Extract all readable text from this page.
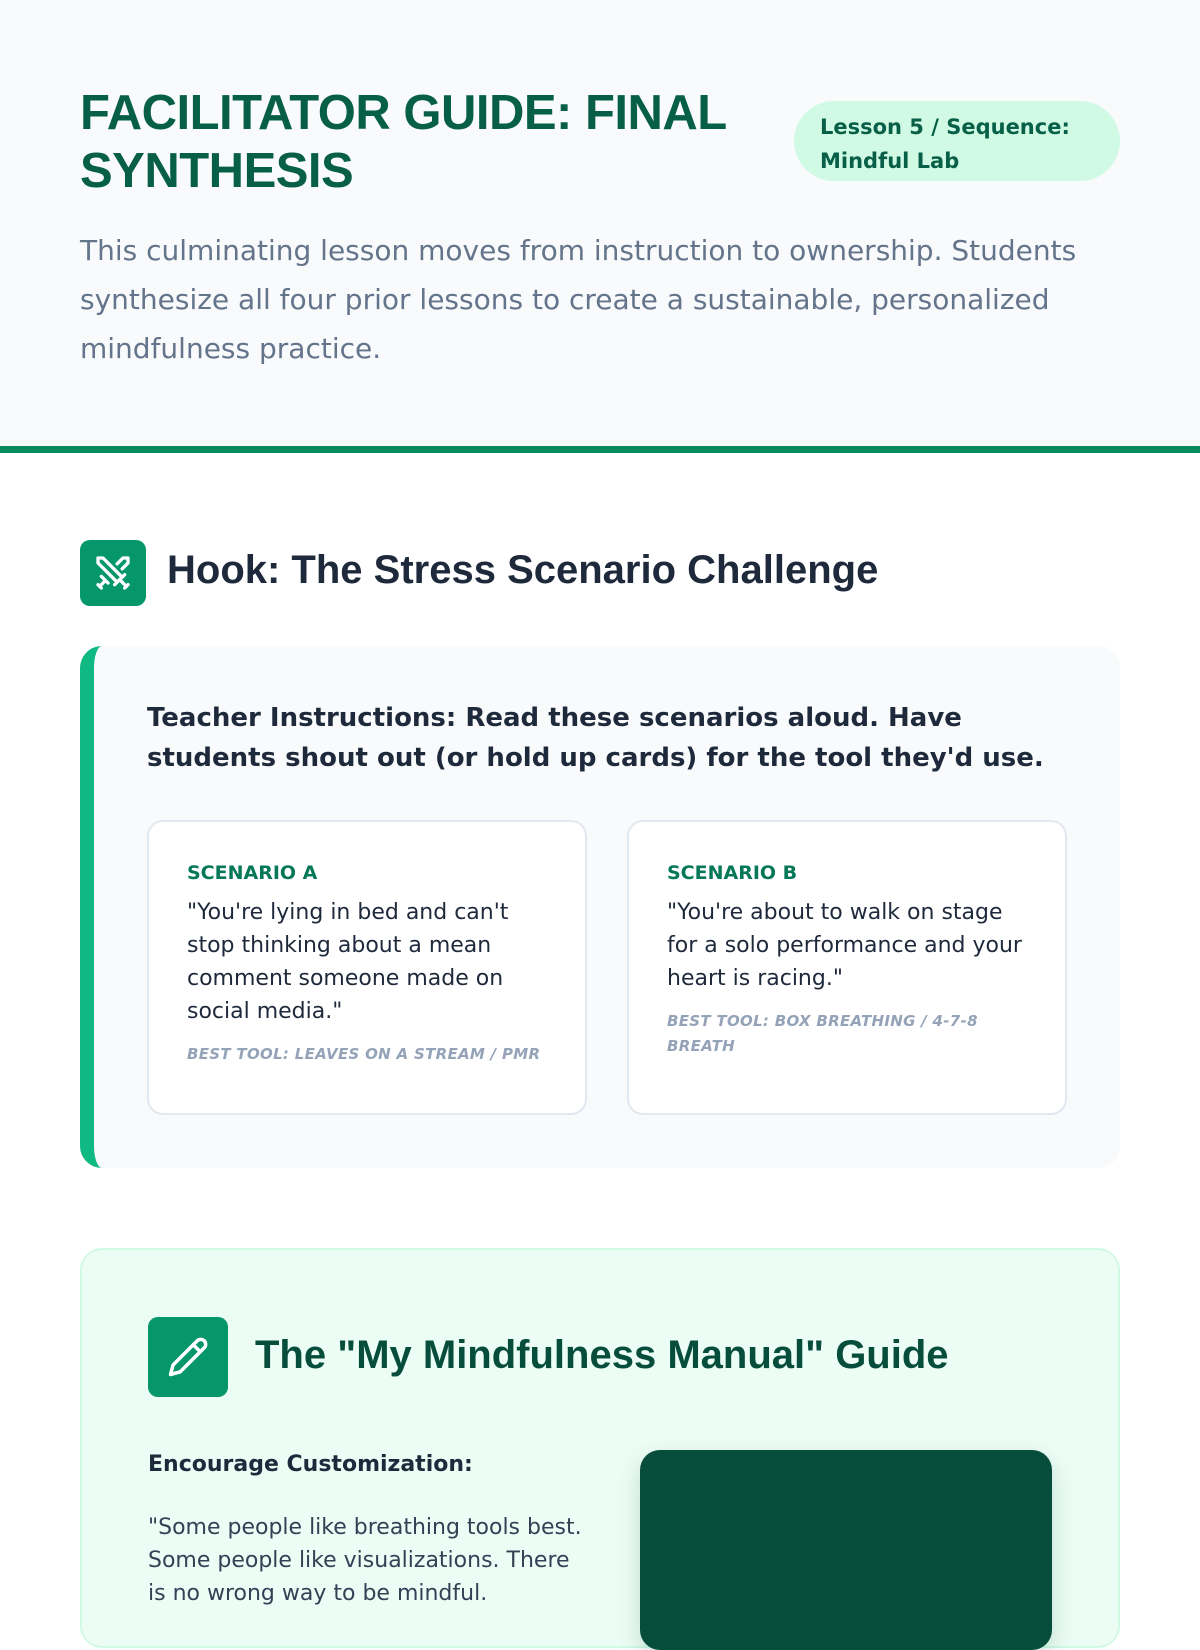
FACILITATOR GUIDE: FINAL SYNTHESIS
Lesson 5 / Sequence: Mindful Lab

This culminating lesson moves from instruction to ownership. Students synthesize all four prior lessons to create a sustainable, personalized mindfulness practice.

Hook: The Stress Scenario Challenge

Teacher Instructions: Read these scenarios aloud. Have students shout out (or hold up cards) for the tool they'd use.

SCENARIO A
"You're lying in bed and can't stop thinking about a mean comment someone made on social media."
BEST TOOL: LEAVES ON A STREAM / PMR
SCENARIO B
"You're about to walk on stage for a solo performance and your heart is racing."
BEST TOOL: BOX BREATHING / 4-7-8 BREATH
The "My Mindfulness Manual" Guide
Encourage Customization:

"Some people like breathing tools best. Some people like visualizations. There is no wrong way to be mindful.
